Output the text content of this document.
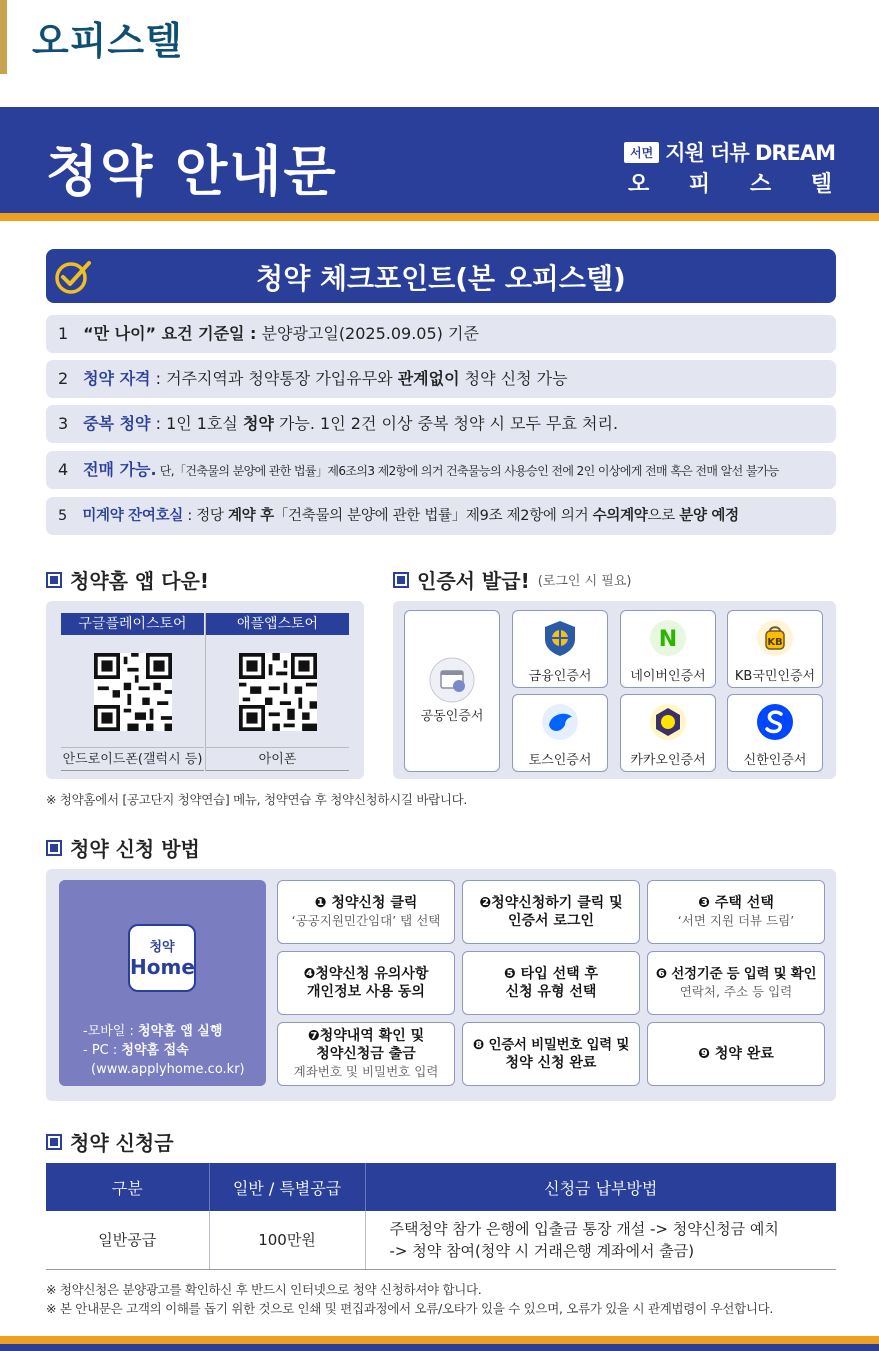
오피스텔
청약 안내문	서면 지원 더뷰 DREAM
오 피 스 텔
청약 체크포인트(본 오피스텔)
1 “만 나이” 요건 기준일 : 분양광고일(2025.09.05) 기준
2 청약 자격 : 거주지역과 청약통장 가입유무와 관계없이 청약 신청 가능
3 중복 청약 : 1인 1호실 청약 가능. 1인 2건 이상 중복 청약 시 모두 무효 처리.
4 전매 가능. 단,「건축물의 분양에 관한 법률」제6조의3 제2항에 의거 건축물능의 사용승인 전에 2인 이상에게 전매 혹은 전매 알선 불가능
5 미계약 잔여호실 : 정당 계약 후「건축물의 분양에 관한 법률」제9조 제2항에 의거 수의계약으로 분양 예정
청약홈 앱 다운!
구글플레이스토어
안드로이드폰(갤럭시 등)
애플앱스토어
아이폰
인증서 발급! (로그인 시 필요)
공동인증서
금융인증서
N
네이버인증서
KB
KB국민인증서
토스인증서	카카오인증서	신한인증서
※ 청약홈에서 [공고단지 청약연습] 메뉴, 청약연습 후 청약신청하시길 바랍니다.
청약 신청 방법
청약
Home
-모바일 : 청약홈 앱 실행
- PC : 청약홈 접속
(www.applyhome.co.kr)
❶ 청약신청 클릭
‘공공지원민간임대’ 탭 선택
❷청약신청하기 클릭 및
인증서 로그인
❸ 주택 선택
‘서면 지원 더뷰 드림’
❹청약신청 유의사항
개인정보 사용 동의
❺ 타입 선택 후
신청 유형 선택
❻ 선정기준 등 입력 및 확인
연락처, 주소 등 입력
❼청약내역 확인 및
청약신청금 출금
계좌번호 및 비밀번호 입력
❽ 인증서 비밀번호 입력 및
청약 신청 완료
❾ 청약 완료
청약 신청금
구분	일반 / 특별공급	신청금 납부방법
일반공급	100만원	주택청약 참가 은행에 입출금 통장 개설 -> 청약신청금 예치
-> 청약 참여(청약 시 거래은행 계좌에서 출금)
※ 청약신청은 분양광고를 확인하신 후 반드시 인터넷으로 청약 신청하셔야 합니다.
※ 본 안내문은 고객의 이해를 돕기 위한 것으로 인쇄 및 편집과정에서 오류/오타가 있을 수 있으며, 오류가 있을 시 관계법령이 우선합니다.
